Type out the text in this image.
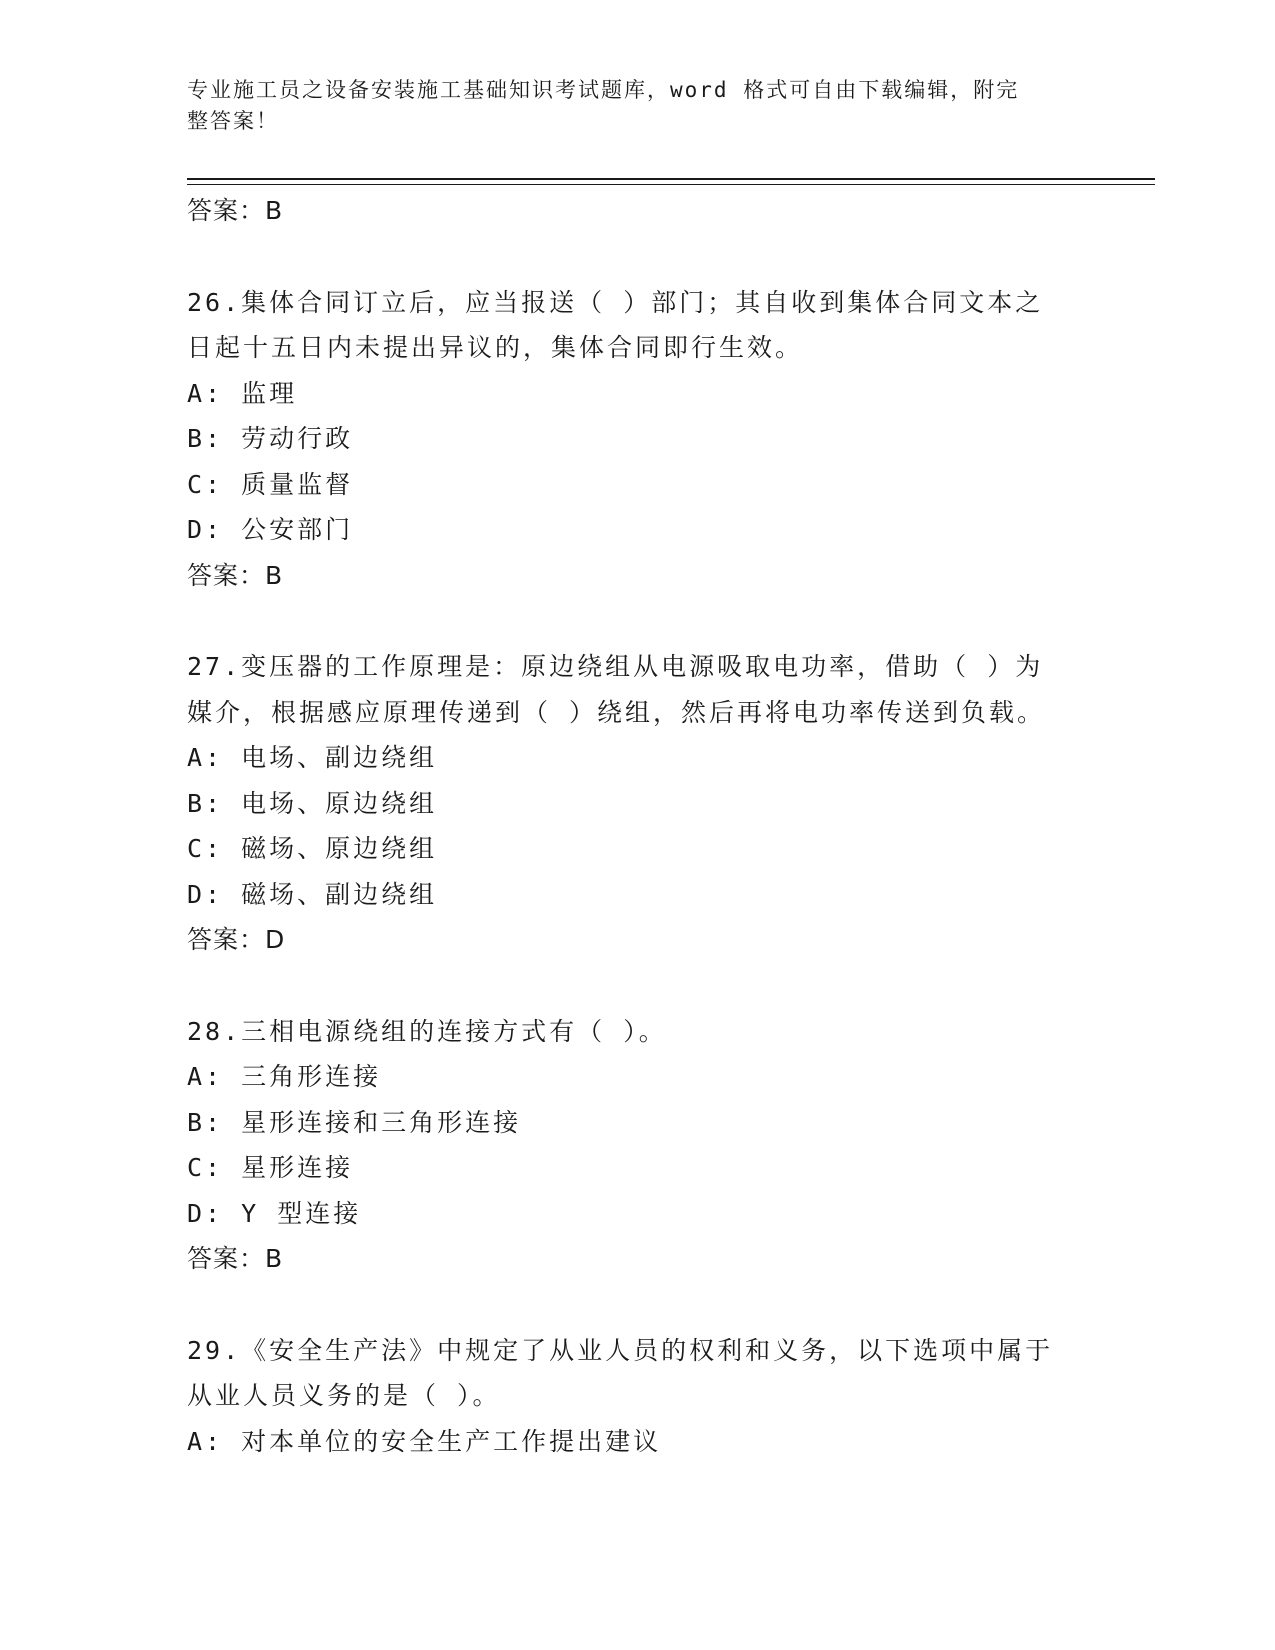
专业施工员之设备安装施工基础知识考试题库，word 格式可自由下载编辑，附完
整答案！
答案：B
26.集体合同订立后，应当报送（ ）部门；其自收到集体合同文本之
日起十五日内未提出异议的，集体合同即行生效。
A: 监理
B: 劳动行政
C: 质量监督
D: 公安部门
答案：B
27.变压器的工作原理是：原边绕组从电源吸取电功率，借助（ ）为
媒介，根据感应原理传递到（ ）绕组，然后再将电功率传送到负载。
A: 电场、副边绕组
B: 电场、原边绕组
C: 磁场、原边绕组
D: 磁场、副边绕组
答案：D
28.三相电源绕组的连接方式有（ ）。
A: 三角形连接
B: 星形连接和三角形连接
C: 星形连接
D: Y 型连接
答案：B
29.《安全生产法》中规定了从业人员的权利和义务，以下选项中属于
从业人员义务的是（ ）。
A: 对本单位的安全生产工作提出建议
